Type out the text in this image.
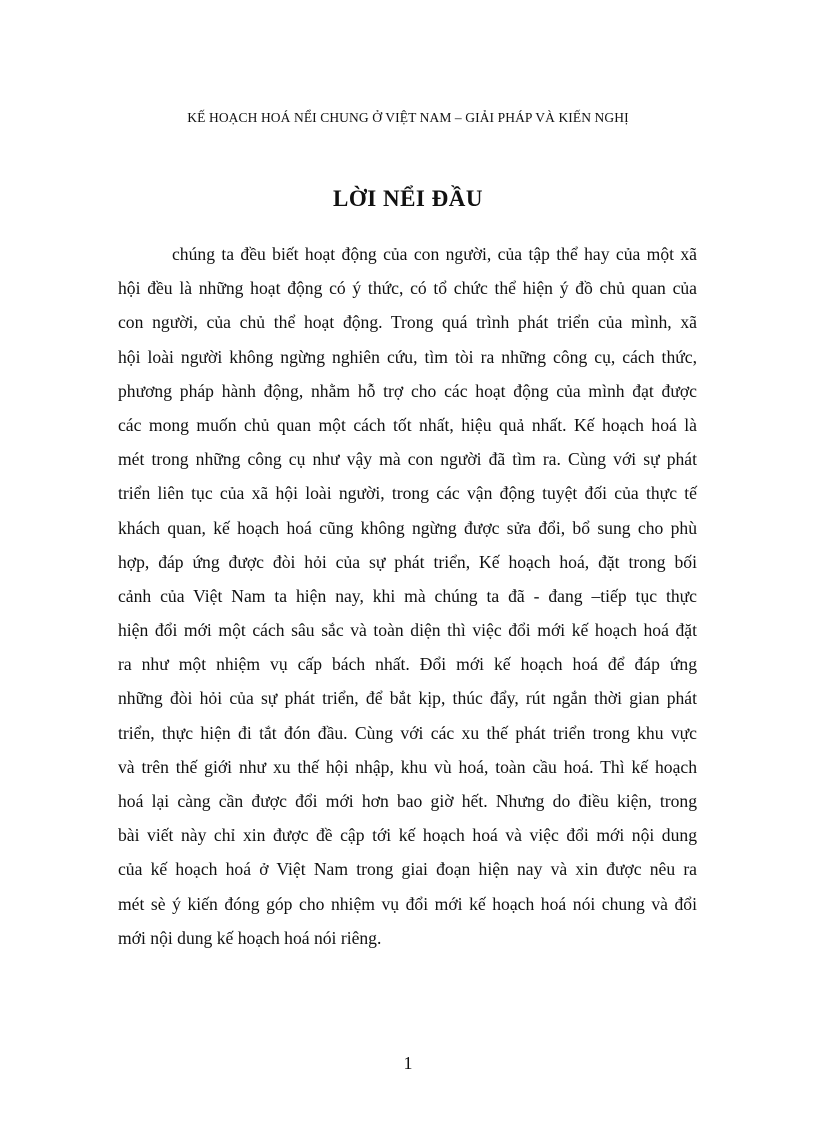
KẾ HOẠCH HOÁ NỂI CHUNG Ở VIỆT NAM – GIẢI PHÁP VÀ KIẾN NGHỊ
LỜI NỂI ĐẦU
chúng ta đều biết hoạt động của con người, của tập thể hay của một xã
hội đều là những hoạt động có ý thức, có tổ chức thể hiện ý đồ chủ quan của
con người, của chủ thể hoạt động. Trong quá trình phát triển của mình, xã
hội loài người không ngừng nghiên cứu, tìm tòi ra những công cụ, cách thức,
phương pháp hành động, nhằm hỗ trợ cho các hoạt động của mình đạt được
các mong muốn chủ quan một cách tốt nhất, hiệu quả nhất. Kế hoạch hoá là
mét trong những công cụ như vậy mà con người đã tìm ra. Cùng với sự phát
triển liên tục của xã hội loài người, trong các vận động tuyệt đối của thực tế
khách quan, kế hoạch hoá cũng không ngừng được sửa đổi, bổ sung cho phù
hợp, đáp ứng được đòi hỏi của sự phát triển, Kế hoạch hoá, đặt trong bối
cảnh của Việt Nam ta hiện nay, khi mà chúng ta đã - đang –tiếp tục thực
hiện đổi mới một cách sâu sắc và toàn diện thì việc đổi mới kế hoạch hoá đặt
ra như một nhiệm vụ cấp bách nhất. Đổi mới kế hoạch hoá để đáp ứng
những đòi hỏi của sự phát triển, để bắt kịp, thúc đẩy, rút ngắn thời gian phát
triển, thực hiện đi tắt đón đầu. Cùng với các xu thế phát triển trong khu vực
và trên thế giới như xu thế hội nhập, khu vù hoá, toàn cầu hoá. Thì kế hoạch
hoá lại càng cần được đổi mới hơn bao giờ hết. Nhưng do điều kiện, trong
bài viết này chỉ xin được đề cập tới kế hoạch hoá và việc đổi mới nội dung
của kế hoạch hoá ở Việt Nam trong giai đoạn hiện nay và xin được nêu ra
mét sè ý kiến đóng góp cho nhiệm vụ đổi mới kế hoạch hoá nói chung và đổi
mới nội dung kế hoạch hoá nói riêng.
1
